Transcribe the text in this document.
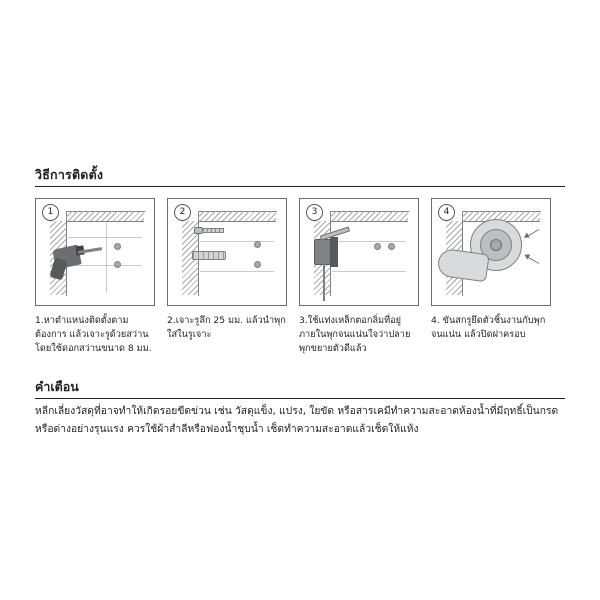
วิธีการติดตั้ง
1
1.หาตำแหน่งติดตั้งตามต้องการ แล้วเจาะรูด้วยสว่าน โดยใช้ดอกสว่านขนาด 8 มม.
2
2.เจาะรูลึก 25 มม. แล้วนำพุกใส่ในรูเจาะ
3
3.ใช้แท่งเหล็กตอกลิ่มที่อยู่ภายในพุกจนแน่นใจว่าปลายพุกขยายตัวดีแล้ว
4
4. ขันสกรูยึดตัวชิ้นงานกับพุกจนแน่น แล้วปิดฝาครอบ
คำเตือน
หลีกเลี่ยงวัสดุที่อาจทำให้เกิดรอยขีดข่วน เช่น วัสดุแข็ง, แปรง, ใยขัด หรือสารเคมีทำความสะอาดห้องน้ำที่มีฤทธิ์เป็นกรดหรือด่างอย่างรุนแรง ควรใช้ผ้าสำลีหรือฟองน้ำชุบน้ำ เช็ดทำความสะอาดแล้วเช็ดให้แห้ง
